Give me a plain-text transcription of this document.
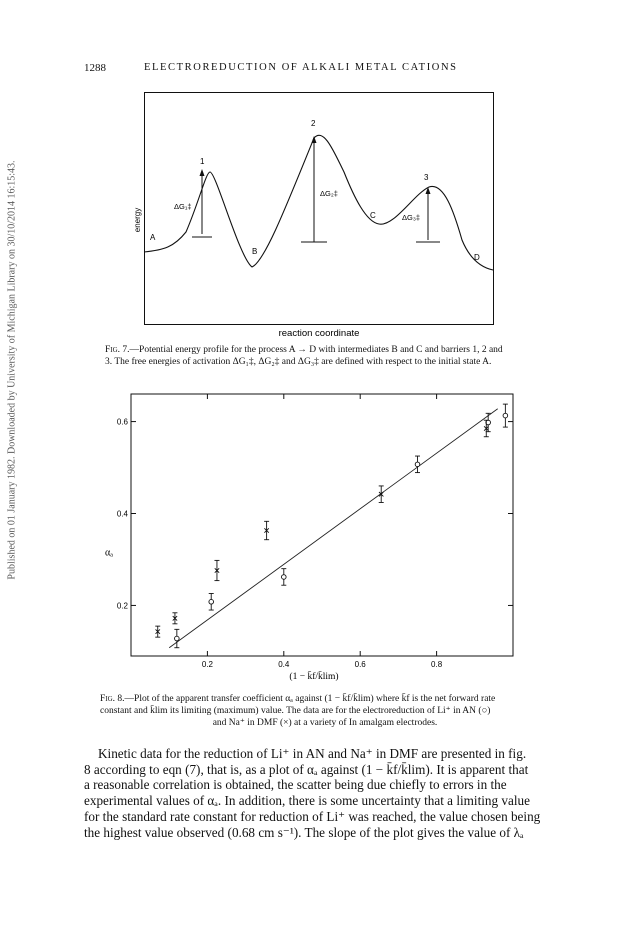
Published on 01 January 1982. Downloaded by University of Michigan Library on 30/10/2014 16:15:43.
1288	ELECTROREDUCTION OF ALKALI METAL CATIONS
energy
reaction coordinate
A
B
C
D
1
2
3
ΔG₁‡
ΔG₂‡
ΔG₃‡
Fig. 7.—Potential energy profile for the process A → D with intermediates B and C and barriers 1, 2 and
3. The free energies of activation ΔG₁‡, ΔG₂‡ and ΔG₃‡ are defined with respect to the initial state A.
0.2	0.4	0.6	0.8
0.2
0.4
0.6
(1 − k̄f/k̄lim)
αₐ
Fig. 8.—Plot of the apparent transfer coefficient αₐ against (1 − k̄f/k̄lim) where k̄f is the net forward rate
constant and k̄lim its limiting (maximum) value. The data are for the electroreduction of Li⁺ in AN (○)
and Na⁺ in DMF (×) at a variety of In amalgam electrodes.
Kinetic data for the reduction of Li⁺ in AN and Na⁺ in DMF are presented in fig.
8 according to eqn (7), that is, as a plot of αₐ against (1 − k̄f/k̄lim). It is apparent that
a reasonable correlation is obtained, the scatter being due chiefly to errors in the
experimental values of αₐ. In addition, there is some uncertainty that a limiting value
for the standard rate constant for reduction of Li⁺ was reached, the value chosen being
the highest value observed (0.68 cm s⁻¹). The slope of the plot gives the value of λₐ
